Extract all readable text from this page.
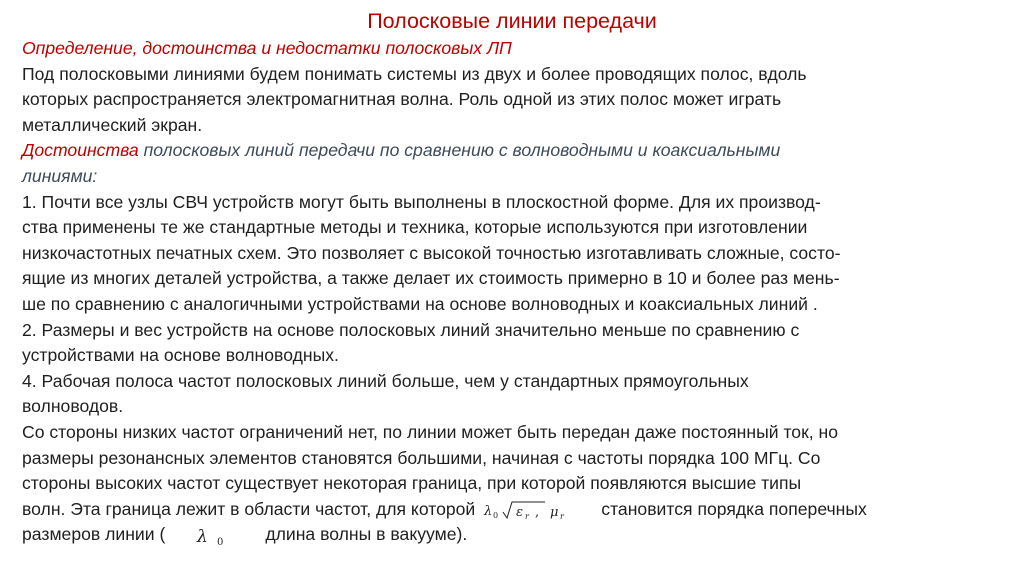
Полосковые линии передачи

Определение, достоинства и недостатки полосковых ЛП

Под полосковыми линиями будем понимать системы из двух и более проводящих полос, вдоль

которых распространяется электромагнитная волна. Роль одной из этих полос может играть

металлический экран.

Достоинства полосковых линий передачи по сравнению с волноводными и коаксиальными

линиями:

1. Почти все узлы СВЧ устройств могут быть выполнены в плоскостной форме. Для их производ-

ства применены те же стандартные методы и техника, которые используются при изготовлении

низкочастотных печатных схем. Это позволяет с высокой точностью изготавливать сложные, состо-

ящие из многих деталей устройства, а также делает их стоимость примерно в 10 и более раз мень-

ше по сравнению с аналогичными устройствами на основе волноводных и коаксиальных линий .

2. Размеры и вес устройств на основе полосковых линий значительно меньше по сравнению с

устройствами на основе волноводных.

4. Рабочая полоса частот полосковых линий больше, чем у стандартных прямоугольных

волноводов.

Со стороны низких частот ограничений нет, по линии может быть передан даже постоянный ток, но

размеры резонансных элементов становятся большими, начиная с частоты порядка 100 МГц. Со

стороны высоких частот существует некоторая граница, при которой появляются высшие типы

волн. Эта граница лежит в области частот, для которой λ 0 ε r , μ r становится порядка поперечных

размеров линии ( λ 0 длина волны в вакууме).
